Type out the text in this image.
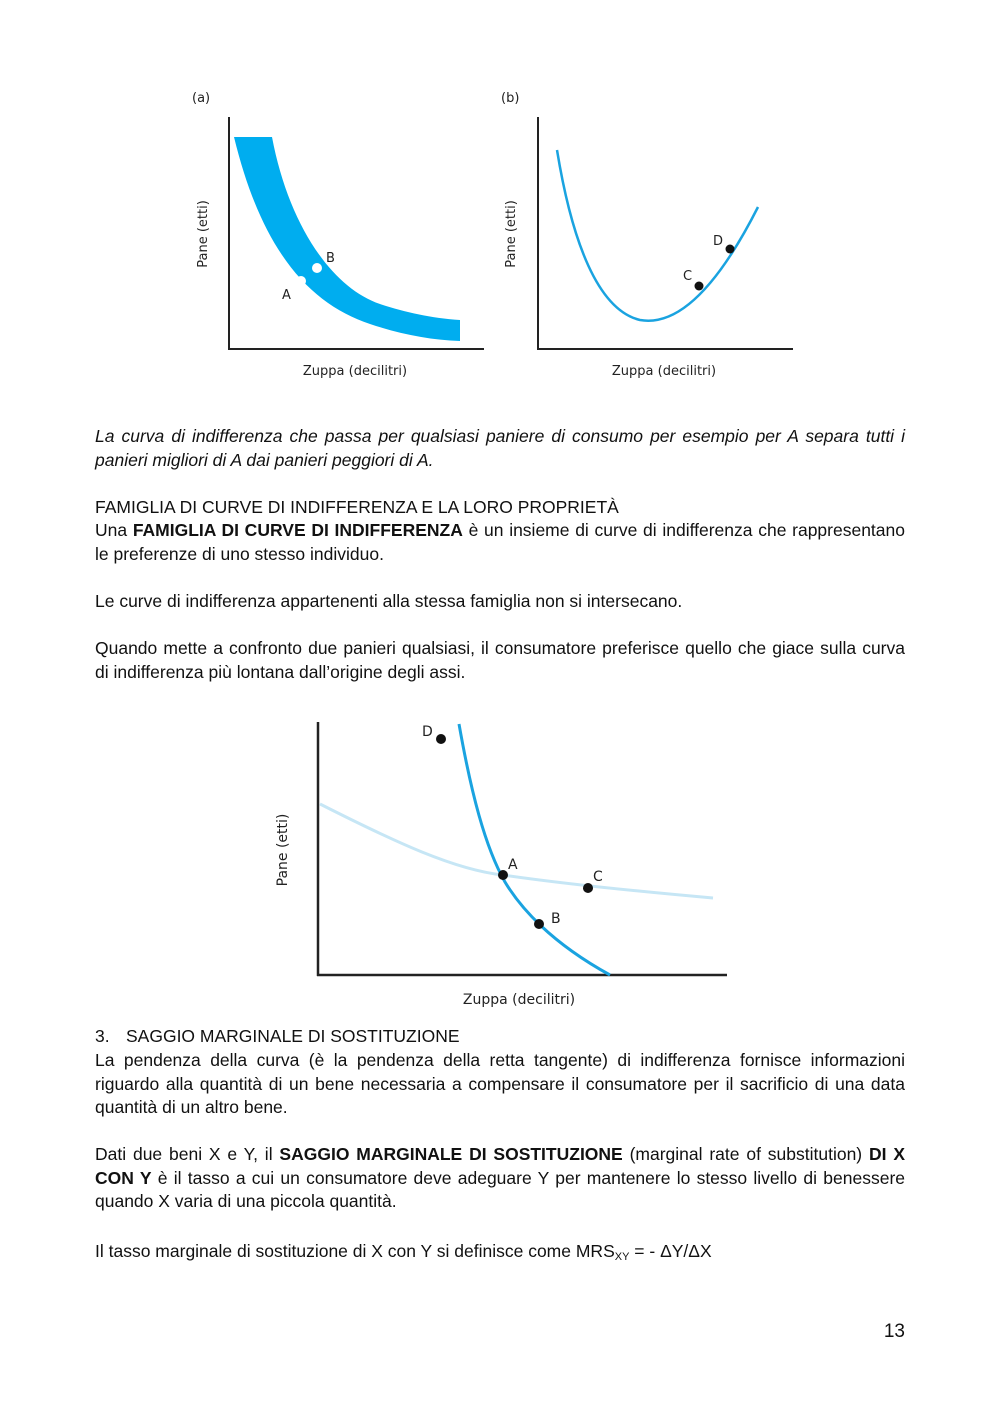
(a)
A
B
Pane (etti)
Zuppa (decilitri)
(b)
C
D
Pane (etti)
Zuppa (decilitri)

La curva di indifferenza che passa per qualsiasi paniere di consumo per esempio per A separa tutti i panieri migliori di A dai panieri peggiori di A.

FAMIGLIA DI CURVE DI INDIFFERENZA E LA LORO PROPRIETÀ

Una FAMIGLIA DI CURVE DI INDIFFERENZA è un insieme di curve di indifferenza che rappresentano le preferenze di uno stesso individuo.

Le curve di indifferenza appartenenti alla stessa famiglia non si intersecano.

Quando mette a confronto due panieri qualsiasi, il consumatore preferisce quello che giace sulla curva di indifferenza più lontana dall’origine degli assi.

D
A
C
B
Pane (etti)
Zuppa (decilitri)

3. SAGGIO MARGINALE DI SOSTITUZIONE

La pendenza della curva (è la pendenza della retta tangente) di indifferenza fornisce informazioni riguardo alla quantità di un bene necessaria a compensare il consumatore per il sacrificio di una data quantità di un altro bene.

Dati due beni X e Y, il SAGGIO MARGINALE DI SOSTITUZIONE (marginal rate of substitution) DI X CON Y è il tasso a cui un consumatore deve adeguare Y per mantenere lo stesso livello di benessere quando X varia di una piccola quantità.

Il tasso marginale di sostituzione di X con Y si definisce come $MRS_{XY}$ = - ΔY/ΔX

13
